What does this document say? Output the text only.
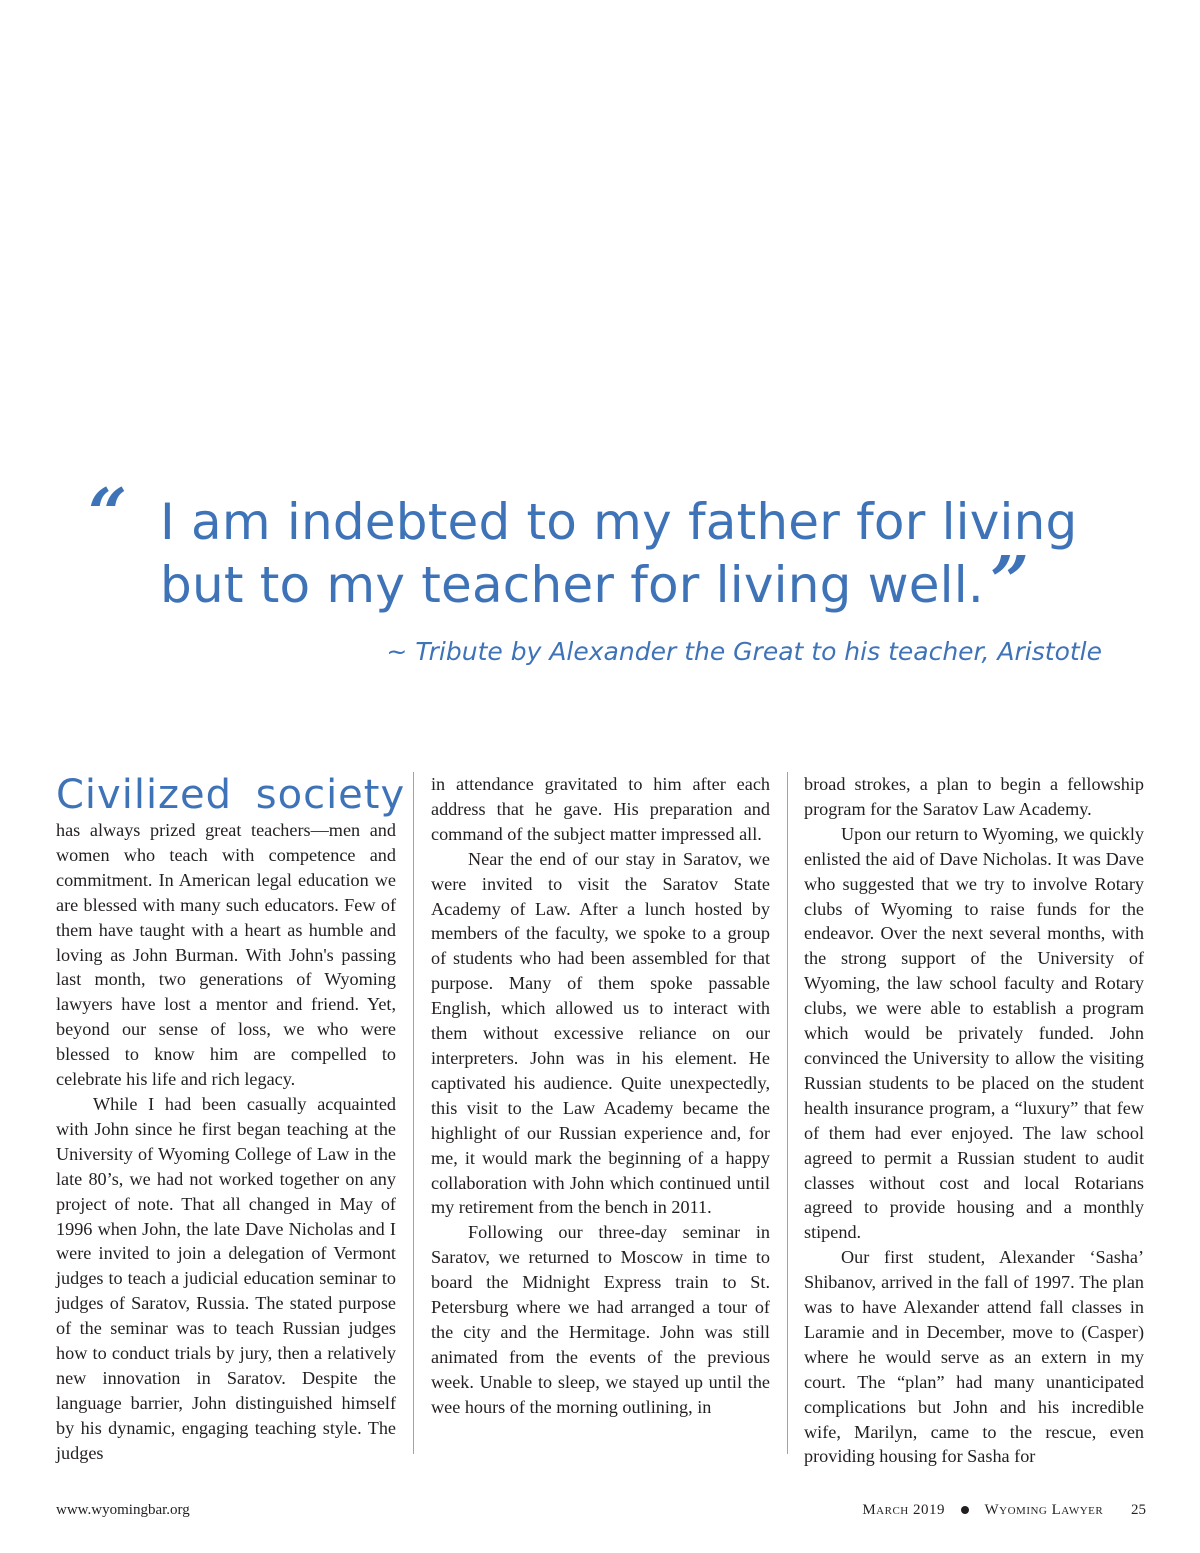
“ I am indebted to my father for living
but to my teacher for living well. ”
~ Tribute by Alexander the Great to his teacher, Aristotle
Civilized society

has always prized great teachers—men and women who teach with competence and commitment. In American legal education we are blessed with many such educators. Few of them have taught with a heart as humble and loving as John Burman. With John's passing last month, two generations of Wyoming lawyers have lost a mentor and friend. Yet, beyond our sense of loss, we who were blessed to know him are compelled to celebrate his life and rich legacy.

While I had been casually acquainted with John since he first began teaching at the University of Wyoming College of Law in the late 80’s, we had not worked together on any project of note. That all changed in May of 1996 when John, the late Dave Nicholas and I were invited to join a delegation of Vermont judges to teach a judicial education seminar to judges of Saratov, Russia. The stated purpose of the seminar was to teach Russian judges how to conduct trials by jury, then a relatively new innovation in Saratov. Despite the language barrier, John distinguished himself by his dynamic, engaging teaching style. The judges

in attendance gravitated to him after each address that he gave. His preparation and command of the subject matter impressed all.

Near the end of our stay in Saratov, we were invited to visit the Saratov State Academy of Law. After a lunch hosted by members of the faculty, we spoke to a group of students who had been assembled for that purpose. Many of them spoke passable English, which allowed us to interact with them without excessive reliance on our interpreters. John was in his element. He captivated his audience. Quite unexpectedly, this visit to the Law Academy became the highlight of our Russian experience and, for me, it would mark the beginning of a happy collaboration with John which continued until my retirement from the bench in 2011.

Following our three-day seminar in Saratov, we returned to Moscow in time to board the Midnight Express train to St. Petersburg where we had arranged a tour of the city and the Hermitage. John was still animated from the events of the previous week. Unable to sleep, we stayed up until the wee hours of the morning outlining, in

broad strokes, a plan to begin a fellowship program for the Saratov Law Academy.

Upon our return to Wyoming, we quickly enlisted the aid of Dave Nicholas. It was Dave who suggested that we try to involve Rotary clubs of Wyoming to raise funds for the endeavor. Over the next several months, with the strong support of the University of Wyoming, the law school faculty and Rotary clubs, we were able to establish a program which would be privately funded. John convinced the University to allow the visiting Russian students to be placed on the student health insurance program, a “luxury” that few of them had ever enjoyed. The law school agreed to permit a Russian student to audit classes without cost and local Rotarians agreed to provide housing and a monthly stipend.

Our first student, Alexander ‘Sasha’ Shibanov, arrived in the fall of 1997. The plan was to have Alexander attend fall classes in Laramie and in December, move to (Casper) where he would serve as an extern in my court. The “plan” had many unanticipated complications but John and his incredible wife, Marilyn, came to the rescue, even providing housing for Sasha for

www.wyomingbar.org	March 2019	Wyoming Lawyer 25
